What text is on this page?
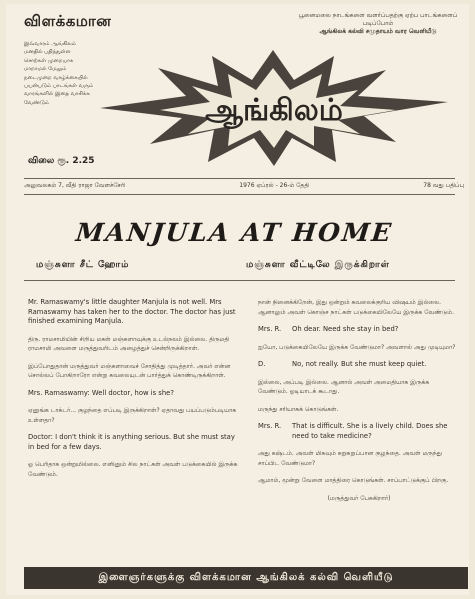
விளக்கமான	பூனைமலை நாடங்களை வளர்ப்பதற்கு ஏற்ப பாடங்களைப் படிப்போம்
ஆங்கிலக் கல்வி சமுதாயம் வார வெளியீடு
இவ்வாரம் ஆங்கிலம் மனதில் பதிந்துள்ள சொற்கள் முறையாக மாறாமல் மேலும் நடைமுறை வாழ்க்கையில் பயன்படும் பாடங்கள் வரும் வாரங்களில் இதை வாசிக்க வேண்டும்
விலை ரூ. 2.25
ஆங்கிலம்
அலுவலகம் 7, வீதி ராஜா வேளச்சேரி	1976 ஏப்ரல் - 26-ம் தேதி	78 வது பதிப்பு
MANJULA AT HOME
மஞ்சுளா சீட் ஹோம்	மஞ்சுளா வீட்டிலே இருக்கிறாள்

Mr. Ramaswamy's little daughter Manjula is not well. Mrs Ramaswamy has taken her to the doctor. The doctor has just finished examining Manjula.

திரு. ராமசாமியின் சிறிய மகள் மஞ்சுளாவுக்கு உடல்நலம் இல்லை. திருமதி ராமசாமி அவளை மருத்துவரிடம் அழைத்துச் சென்றிருக்கிறாள்.

இப்போதுதான் மருத்துவர் மஞ்சுளாவைச் சோதித்து முடித்தார். அவர் என்ன சொல்லப் போகிறாரோ என்று கவலையுடன் பார்த்துக் கொண்டிருக்கிறாள்.

Mrs. Ramaswamy: Well doctor, how is she?

ஏனுங்க டாக்டர்... குழந்தை எப்படி இருக்கிறாள்? ஏதாவது பயப்படும்படியாக உள்ளதா?

Doctor: I don't think it is anything serious. But she must stay in bed for a few days.

ஓ பெரிதாக ஒன்றுமில்லை. எனினும் சில நாட்கள் அவள் படுக்கையில் இருக்க வேண்டும்.

நான் நினைக்கிறேன், இது ஒன்றும் கவலைக்குரிய விஷயம் இல்லை. ஆனாலும் அவள் கொஞ்ச நாட்கள் படுக்கையிலேயே இருக்க வேண்டும்.

Mrs. R.	Oh dear. Need she stay in bed?

ஐயோ, படுக்கையிலேயே இருக்க வேண்டுமா? அவளால் அது முடியுமா?

D.	No, not really. But she must keep quiet.

இல்லை, அப்படி இல்லை. ஆனால் அவள் அமைதியாக இருக்க வேண்டும். ஓடியாடக் கூடாது.

மருந்து சரியாகக் கொடுங்கள்.

Mrs. R.	That is difficult. She is a lively child. Does she need to take medicine?

அது கஷ்டம். அவள் மிகவும் சுறுசுறுப்பான குழந்தை. அவள் மருந்து சாப்பிட வேண்டுமா?

ஆமாம், மூன்று வேளை மாத்திரை கொடுங்கள். சாப்பாட்டுக்குப் பிறகு.

(மருத்துவர் பேசுகிறார்)

இளைஞர்களுக்கு விளக்கமான ஆங்கிலக் கல்வி வெளியீடு
